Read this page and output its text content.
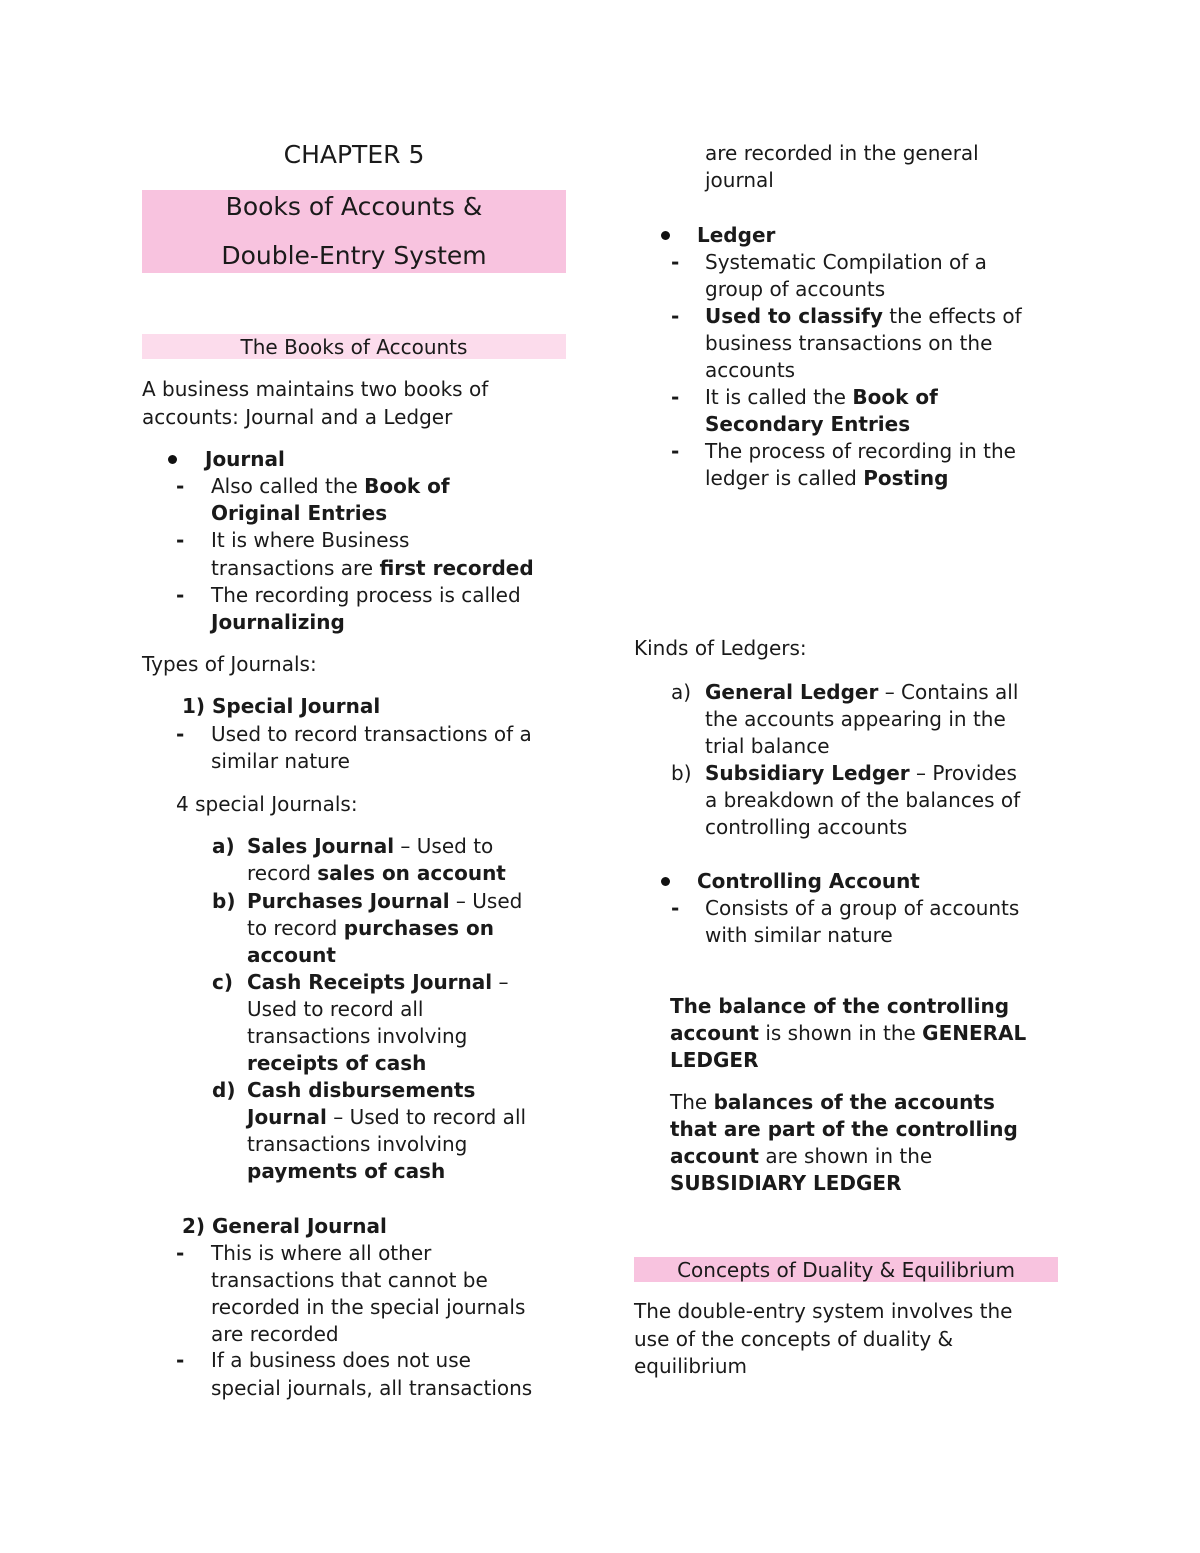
CHAPTER 5
Books of Accounts &
Double-Entry System
The Books of Accounts
A business maintains two books of
accounts: Journal and a Ledger
Journal
- Also called the Book of
Original Entries
- It is where Business
transactions are first recorded
- The recording process is called
Journalizing
Types of Journals:
1) Special Journal
- Used to record transactions of a
similar nature
4 special Journals:
a) Sales Journal – Used to
record sales on account
b) Purchases Journal – Used
to record purchases on
account
c) Cash Receipts Journal –
Used to record all
transactions involving
receipts of cash
d) Cash disbursements
Journal – Used to record all
transactions involving
payments of cash
2) General Journal
- This is where all other
transactions that cannot be
recorded in the special journals
are recorded
- If a business does not use
special journals, all transactions
are recorded in the general
journal
Ledger
- Systematic Compilation of a
group of accounts
- Used to classify the effects of
business transactions on the
accounts
- It is called the Book of
Secondary Entries
- The process of recording in the
ledger is called Posting
Kinds of Ledgers:
a) General Ledger – Contains all
the accounts appearing in the
trial balance
b) Subsidiary Ledger – Provides
a breakdown of the balances of
controlling accounts
Controlling Account
- Consists of a group of accounts
with similar nature
The balance of the controlling
account is shown in the GENERAL
LEDGER
The balances of the accounts
that are part of the controlling
account are shown in the
SUBSIDIARY LEDGER
Concepts of Duality & Equilibrium
The double-entry system involves the
use of the concepts of duality &
equilibrium
